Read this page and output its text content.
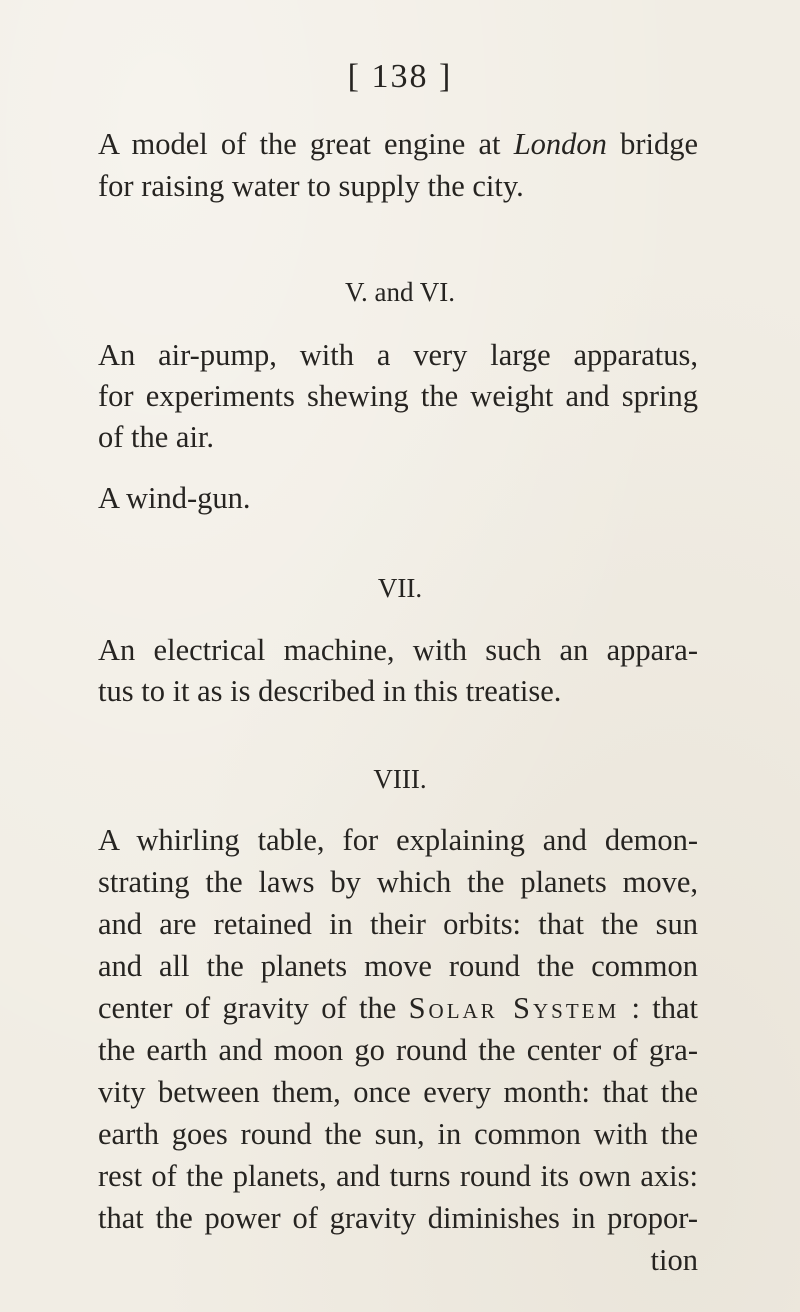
[ 138 ]
A model of the great engine at London bridge
for raising water to supply the city.
V. and VI.
An air-pump, with a very large apparatus,
for experiments shewing the weight and spring
of the air.
A wind-gun.
VII.
An electrical machine, with such an appara-
tus to it as is described in this treatise.
VIII.
A whirling table, for explaining and demon-
strating the laws by which the planets move,
and are retained in their orbits: that the sun
and all the planets move round the common
center of gravity of the Solar System : that
the earth and moon go round the center of gra-
vity between them, once every month: that the
earth goes round the sun, in common with the
rest of the planets, and turns round its own axis:
that the power of gravity diminishes in propor-
tion
